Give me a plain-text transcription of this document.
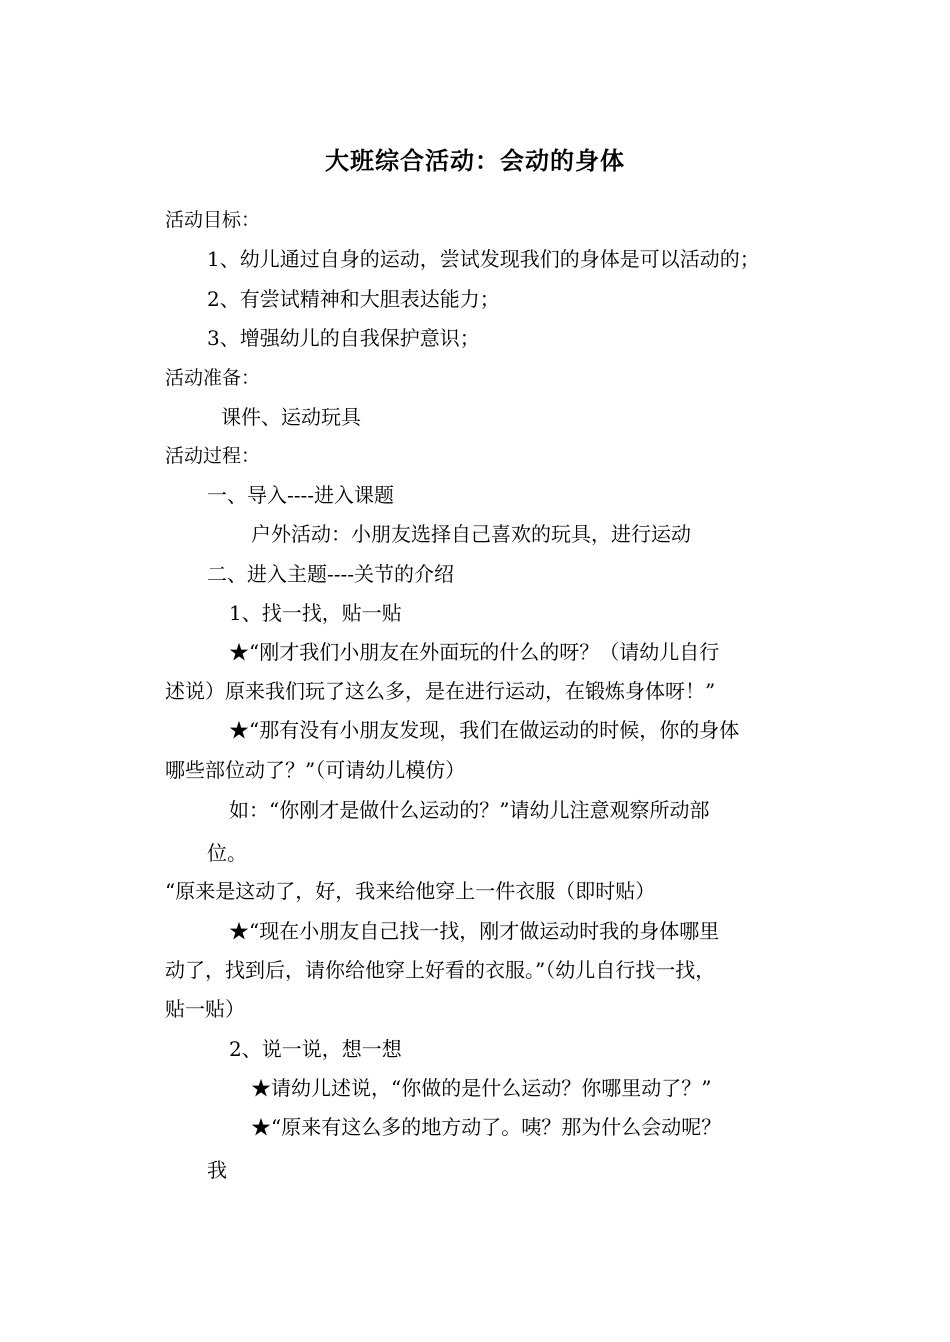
大班综合活动：会动的身体
活动目标：
1、幼儿通过自身的运动，尝试发现我们的身体是可以活动的；
2、有尝试精神和大胆表达能力；
3、增强幼儿的自我保护意识；
活动准备：
课件、运动玩具
活动过程：
一、导入----进入课题
户外活动：小朋友选择自己喜欢的玩具，进行运动
二、进入主题----关节的介绍
1、找一找，贴一贴
★“刚才我们小朋友在外面玩的什么的呀？（请幼儿自行
述说）原来我们玩了这么多，是在进行运动，在锻炼身体呀！”
★“那有没有小朋友发现，我们在做运动的时候，你的身体
哪些部位动了？”（可请幼儿模仿）
如：“你刚才是做什么运动的？”请幼儿注意观察所动部
位。
“原来是这动了，好，我来给他穿上一件衣服（即时贴）
★“现在小朋友自己找一找，刚才做运动时我的身体哪里
动了，找到后，请你给他穿上好看的衣服。”（幼儿自行找一找，
贴一贴）
2、说一说，想一想
★请幼儿述说，“你做的是什么运动？你哪里动了？”
★“原来有这么多的地方动了。咦？那为什么会动呢？
我
